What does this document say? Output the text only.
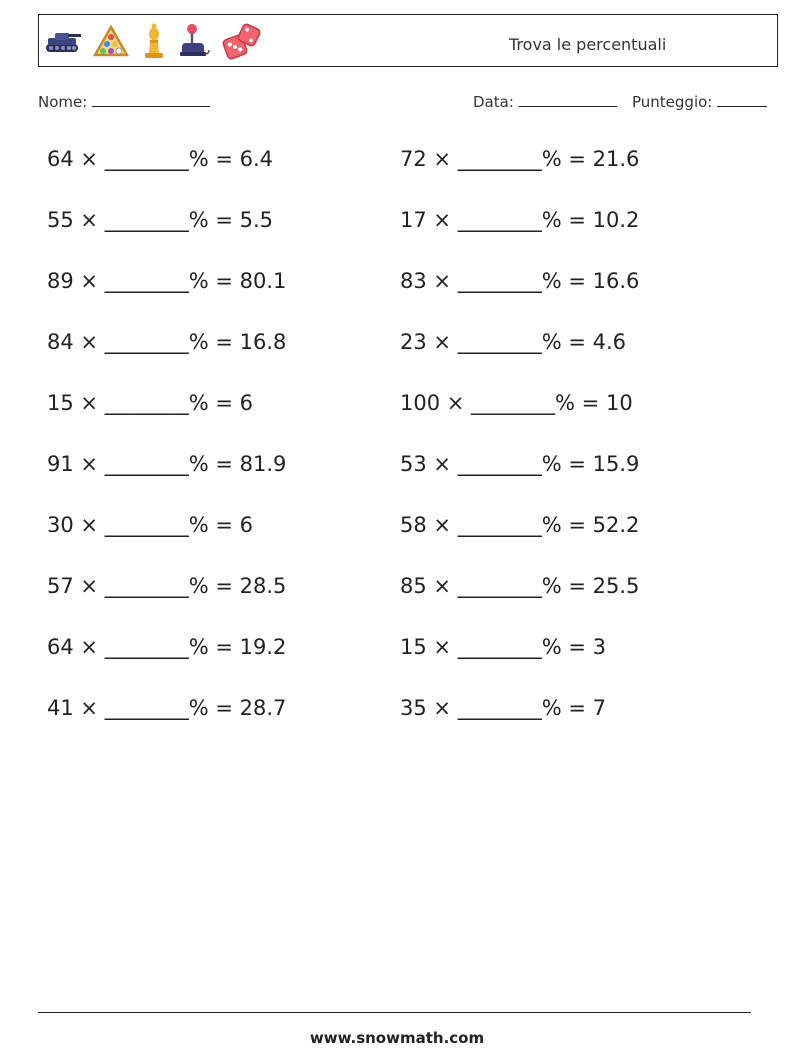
Trova le percentuali
Nome:	Data:	Punteggio:
64 × ________% = 6.4
55 × ________% = 5.5
89 × ________% = 80.1
84 × ________% = 16.8
15 × ________% = 6
91 × ________% = 81.9
30 × ________% = 6
57 × ________% = 28.5
64 × ________% = 19.2
41 × ________% = 28.7
72 × ________% = 21.6
17 × ________% = 10.2
83 × ________% = 16.6
23 × ________% = 4.6
100 × ________% = 10
53 × ________% = 15.9
58 × ________% = 52.2
85 × ________% = 25.5
15 × ________% = 3
35 × ________% = 7
www.snowmath.com
